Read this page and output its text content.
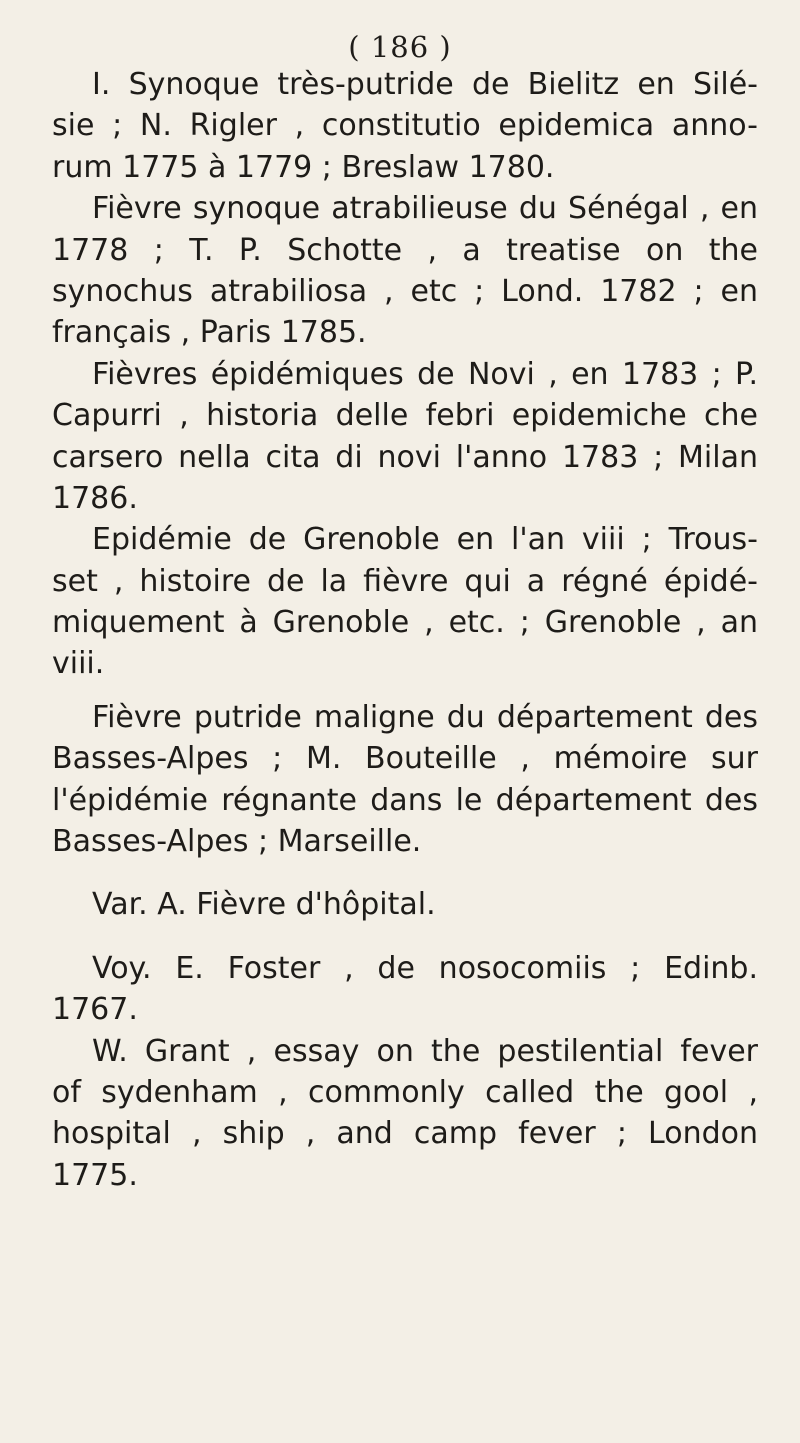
( 186 )
I. Synoque très-putride de Bielitz en Silé-
sie ; N. Rigler , constitutio epidemica anno-
rum 1775 à 1779 ; Breslaw 1780.
Fièvre synoque atrabilieuse du Sénégal , en
1778 ; T. P. Schotte , a treatise on the
synochus atrabiliosa , etc ; Lond. 1782 ; en
français , Paris 1785.
Fièvres épidémiques de Novi , en 1783 ; P.
Capurri , historia delle febri epidemiche che
carsero nella cita di novi l'anno 1783 ; Milan
1786.
Epidémie de Grenoble en l'an viii ; Trous-
set , histoire de la fièvre qui a régné épidé-
miquement à Grenoble , etc. ; Grenoble , an
viii.
Fièvre putride maligne du département des
Basses-Alpes ; M. Bouteille , mémoire sur
l'épidémie régnante dans le département des
Basses-Alpes ; Marseille.
Var. A. Fièvre d'hôpital.
Voy. E. Foster , de nosocomiis ; Edinb.
1767.
W. Grant , essay on the pestilential fever
of sydenham , commonly called the gool ,
hospital , ship , and camp fever ; London
1775.
